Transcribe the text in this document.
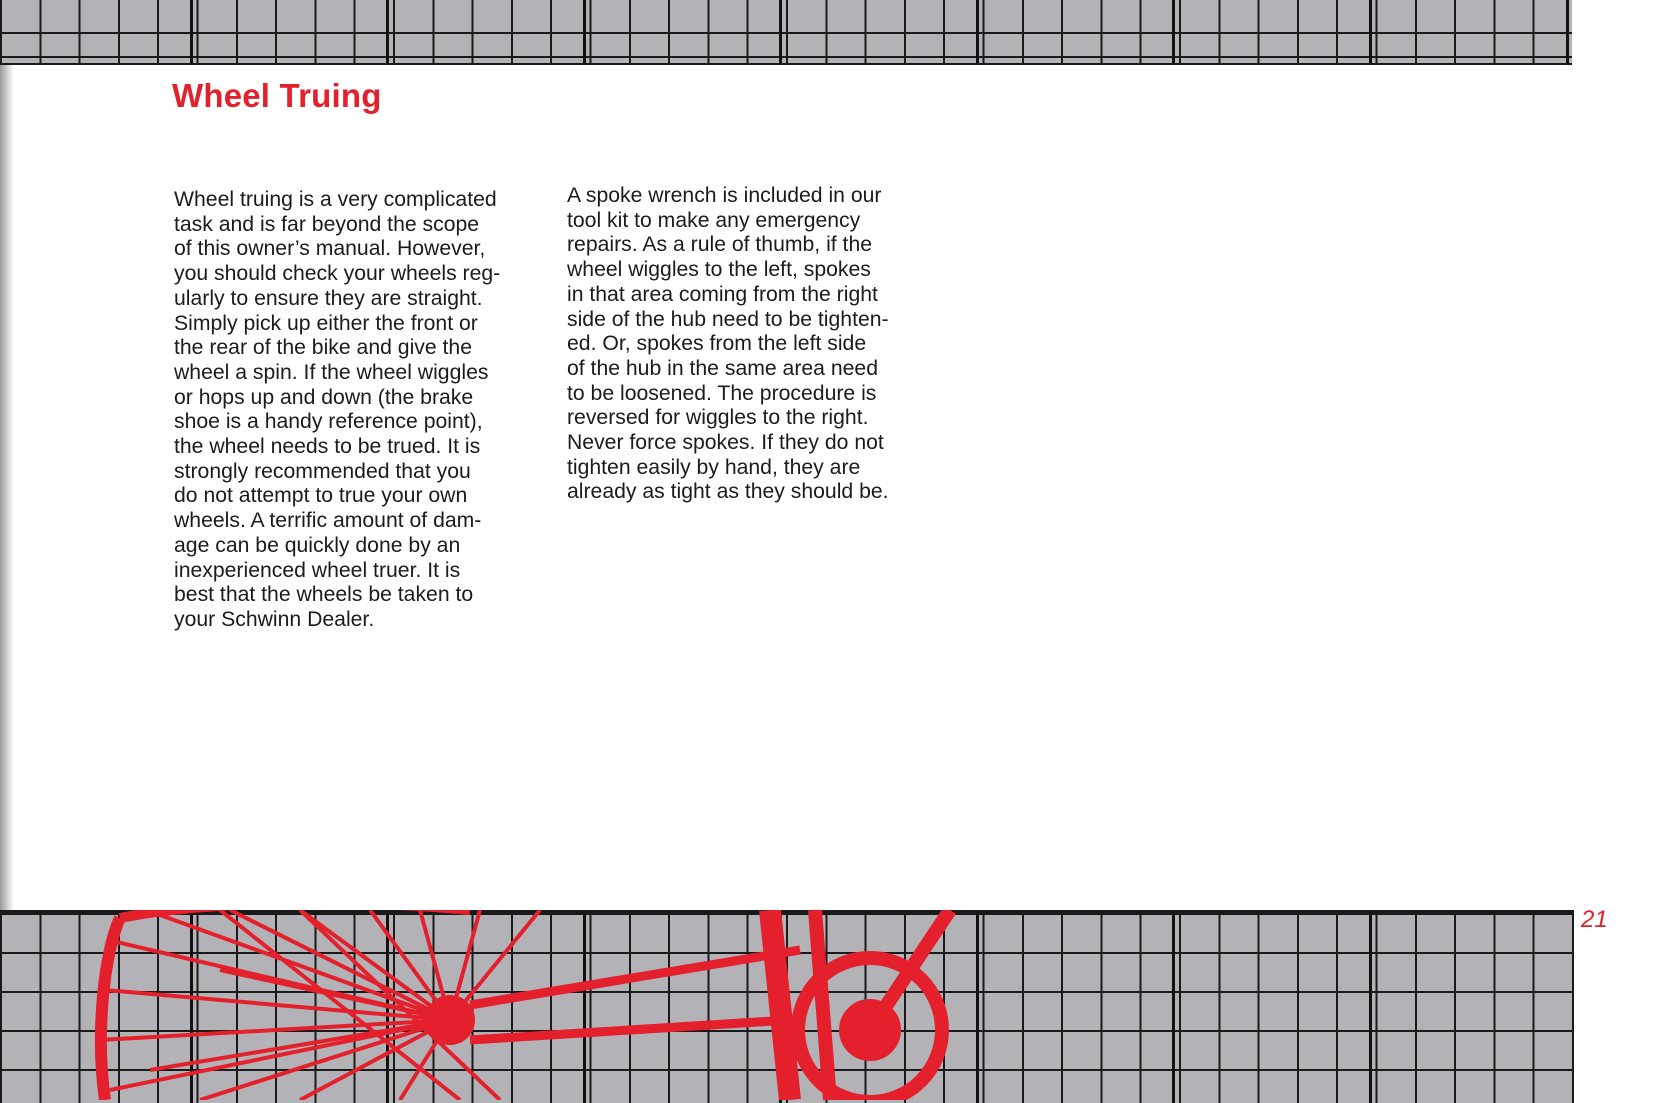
Wheel Truing

Wheel truing is a very complicated
task and is far beyond the scope
of this owner’s manual. However,
you should check your wheels reg-
ularly to ensure they are straight.
Simply pick up either the front or
the rear of the bike and give the
wheel a spin. If the wheel wiggles
or hops up and down (the brake
shoe is a handy reference point),
the wheel needs to be trued. It is
strongly recommended that you
do not attempt to true your own
wheels. A terrific amount of dam-
age can be quickly done by an
inexperienced wheel truer. It is
best that the wheels be taken to
your Schwinn Dealer.

A spoke wrench is included in our
tool kit to make any emergency
repairs. As a rule of thumb, if the
wheel wiggles to the left, spokes
in that area coming from the right
side of the hub need to be tighten-
ed. Or, spokes from the left side
of the hub in the same area need
to be loosened. The procedure is
reversed for wiggles to the right.
Never force spokes. If they do not
tighten easily by hand, they are
already as tight as they should be.

21
